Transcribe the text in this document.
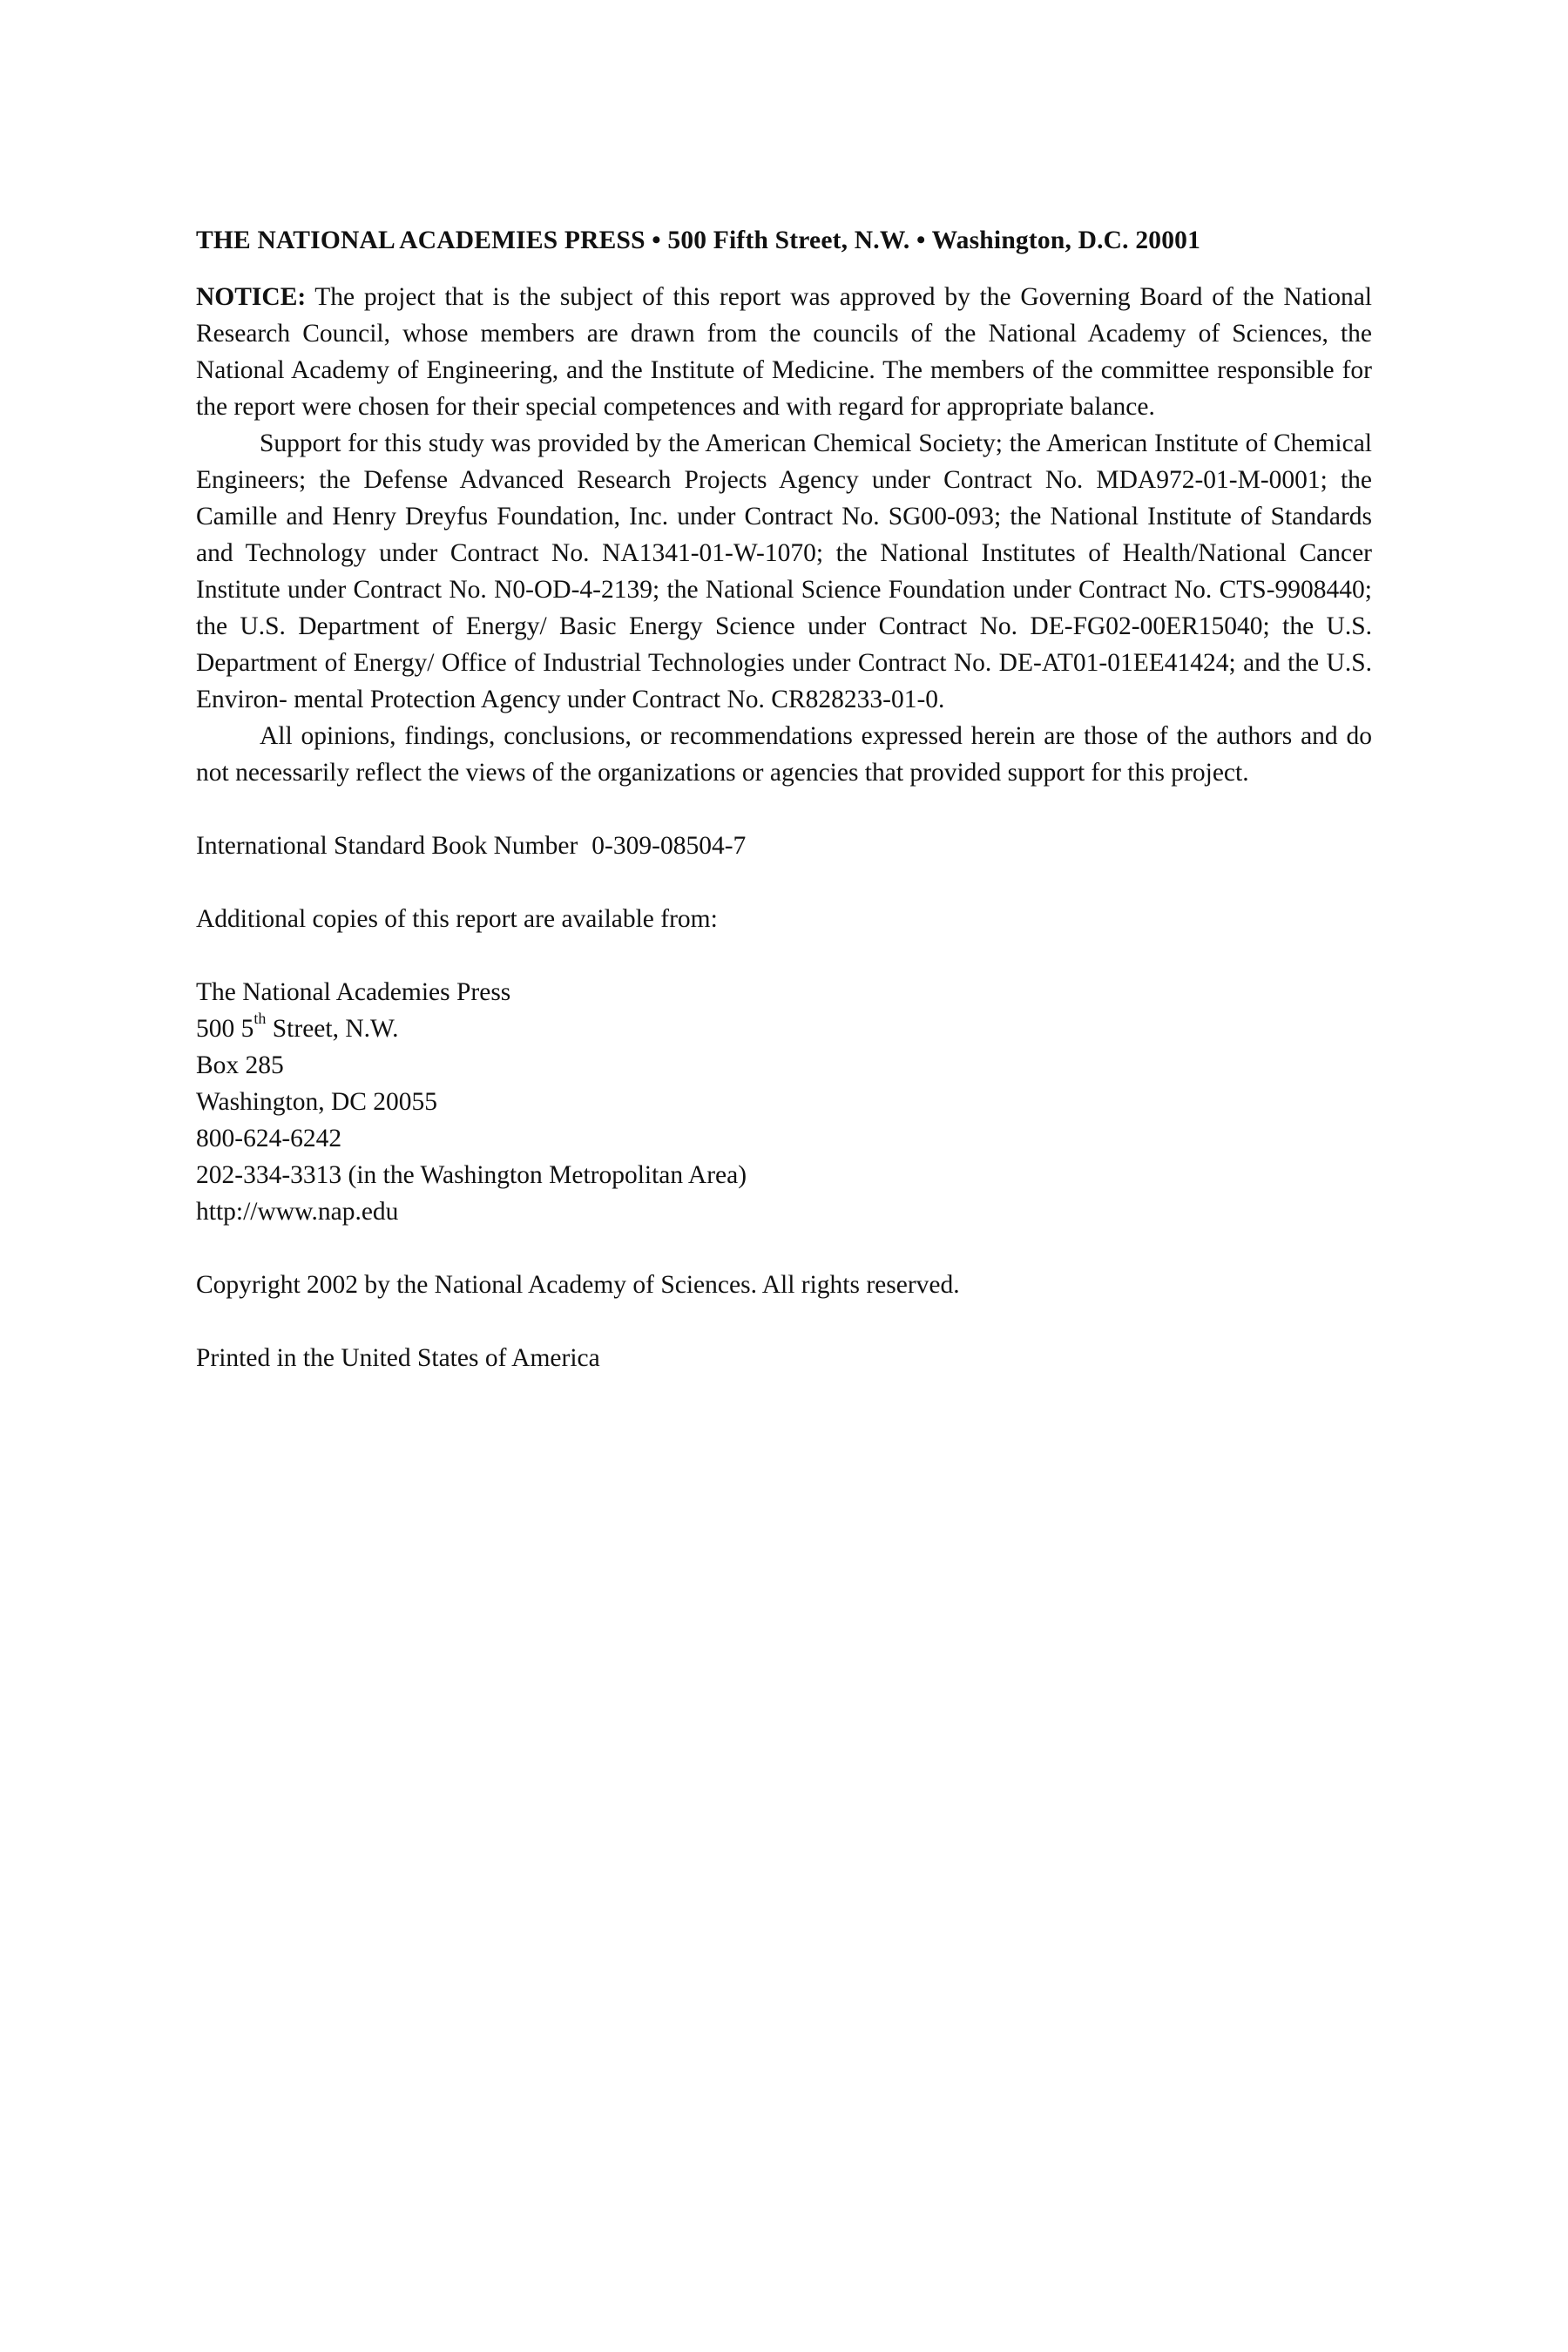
THE NATIONAL ACADEMIES PRESS • 500 Fifth Street, N.W. • Washington, D.C. 20001

NOTICE: The project that is the subject of this report was approved by the Governing Board of the National Research Council, whose members are drawn from the councils of the National Academy of Sciences, the National Academy of Engineering, and the Institute of Medicine. The members of the committee responsible for the report were chosen for their special competences and with regard for appropriate balance.

Support for this study was provided by the American Chemical Society; the American Institute of Chemical Engineers; the Defense Advanced Research Projects Agency under Contract No. MDA972-01-M-0001; the Camille and Henry Dreyfus Foundation, Inc. under Contract No. SG00-093; the National Institute of Standards and Technology under Contract No. NA1341-01-W-1070; the National Institutes of Health/National Cancer Institute under Contract No. N0-OD-4-2139; the National Science Foundation under Contract No. CTS-9908440; the U.S. Department of Energy/ Basic Energy Science under Contract No. DE-FG02-00ER15040; the U.S. Department of Energy/ Office of Industrial Technologies under Contract No. DE-AT01-01EE41424; and the U.S. Environ- mental Protection Agency under Contract No. CR828233-01-0.

All opinions, findings, conclusions, or recommendations expressed herein are those of the authors and do not necessarily reflect the views of the organizations or agencies that provided support for this project.

International Standard Book Number 0-309-08504-7

Additional copies of this report are available from:

The National Academies Press
500 5th Street, N.W.
Box 285
Washington, DC 20055
800-624-6242
202-334-3313 (in the Washington Metropolitan Area)
http://www.nap.edu

Copyright 2002 by the National Academy of Sciences. All rights reserved.

Printed in the United States of America
